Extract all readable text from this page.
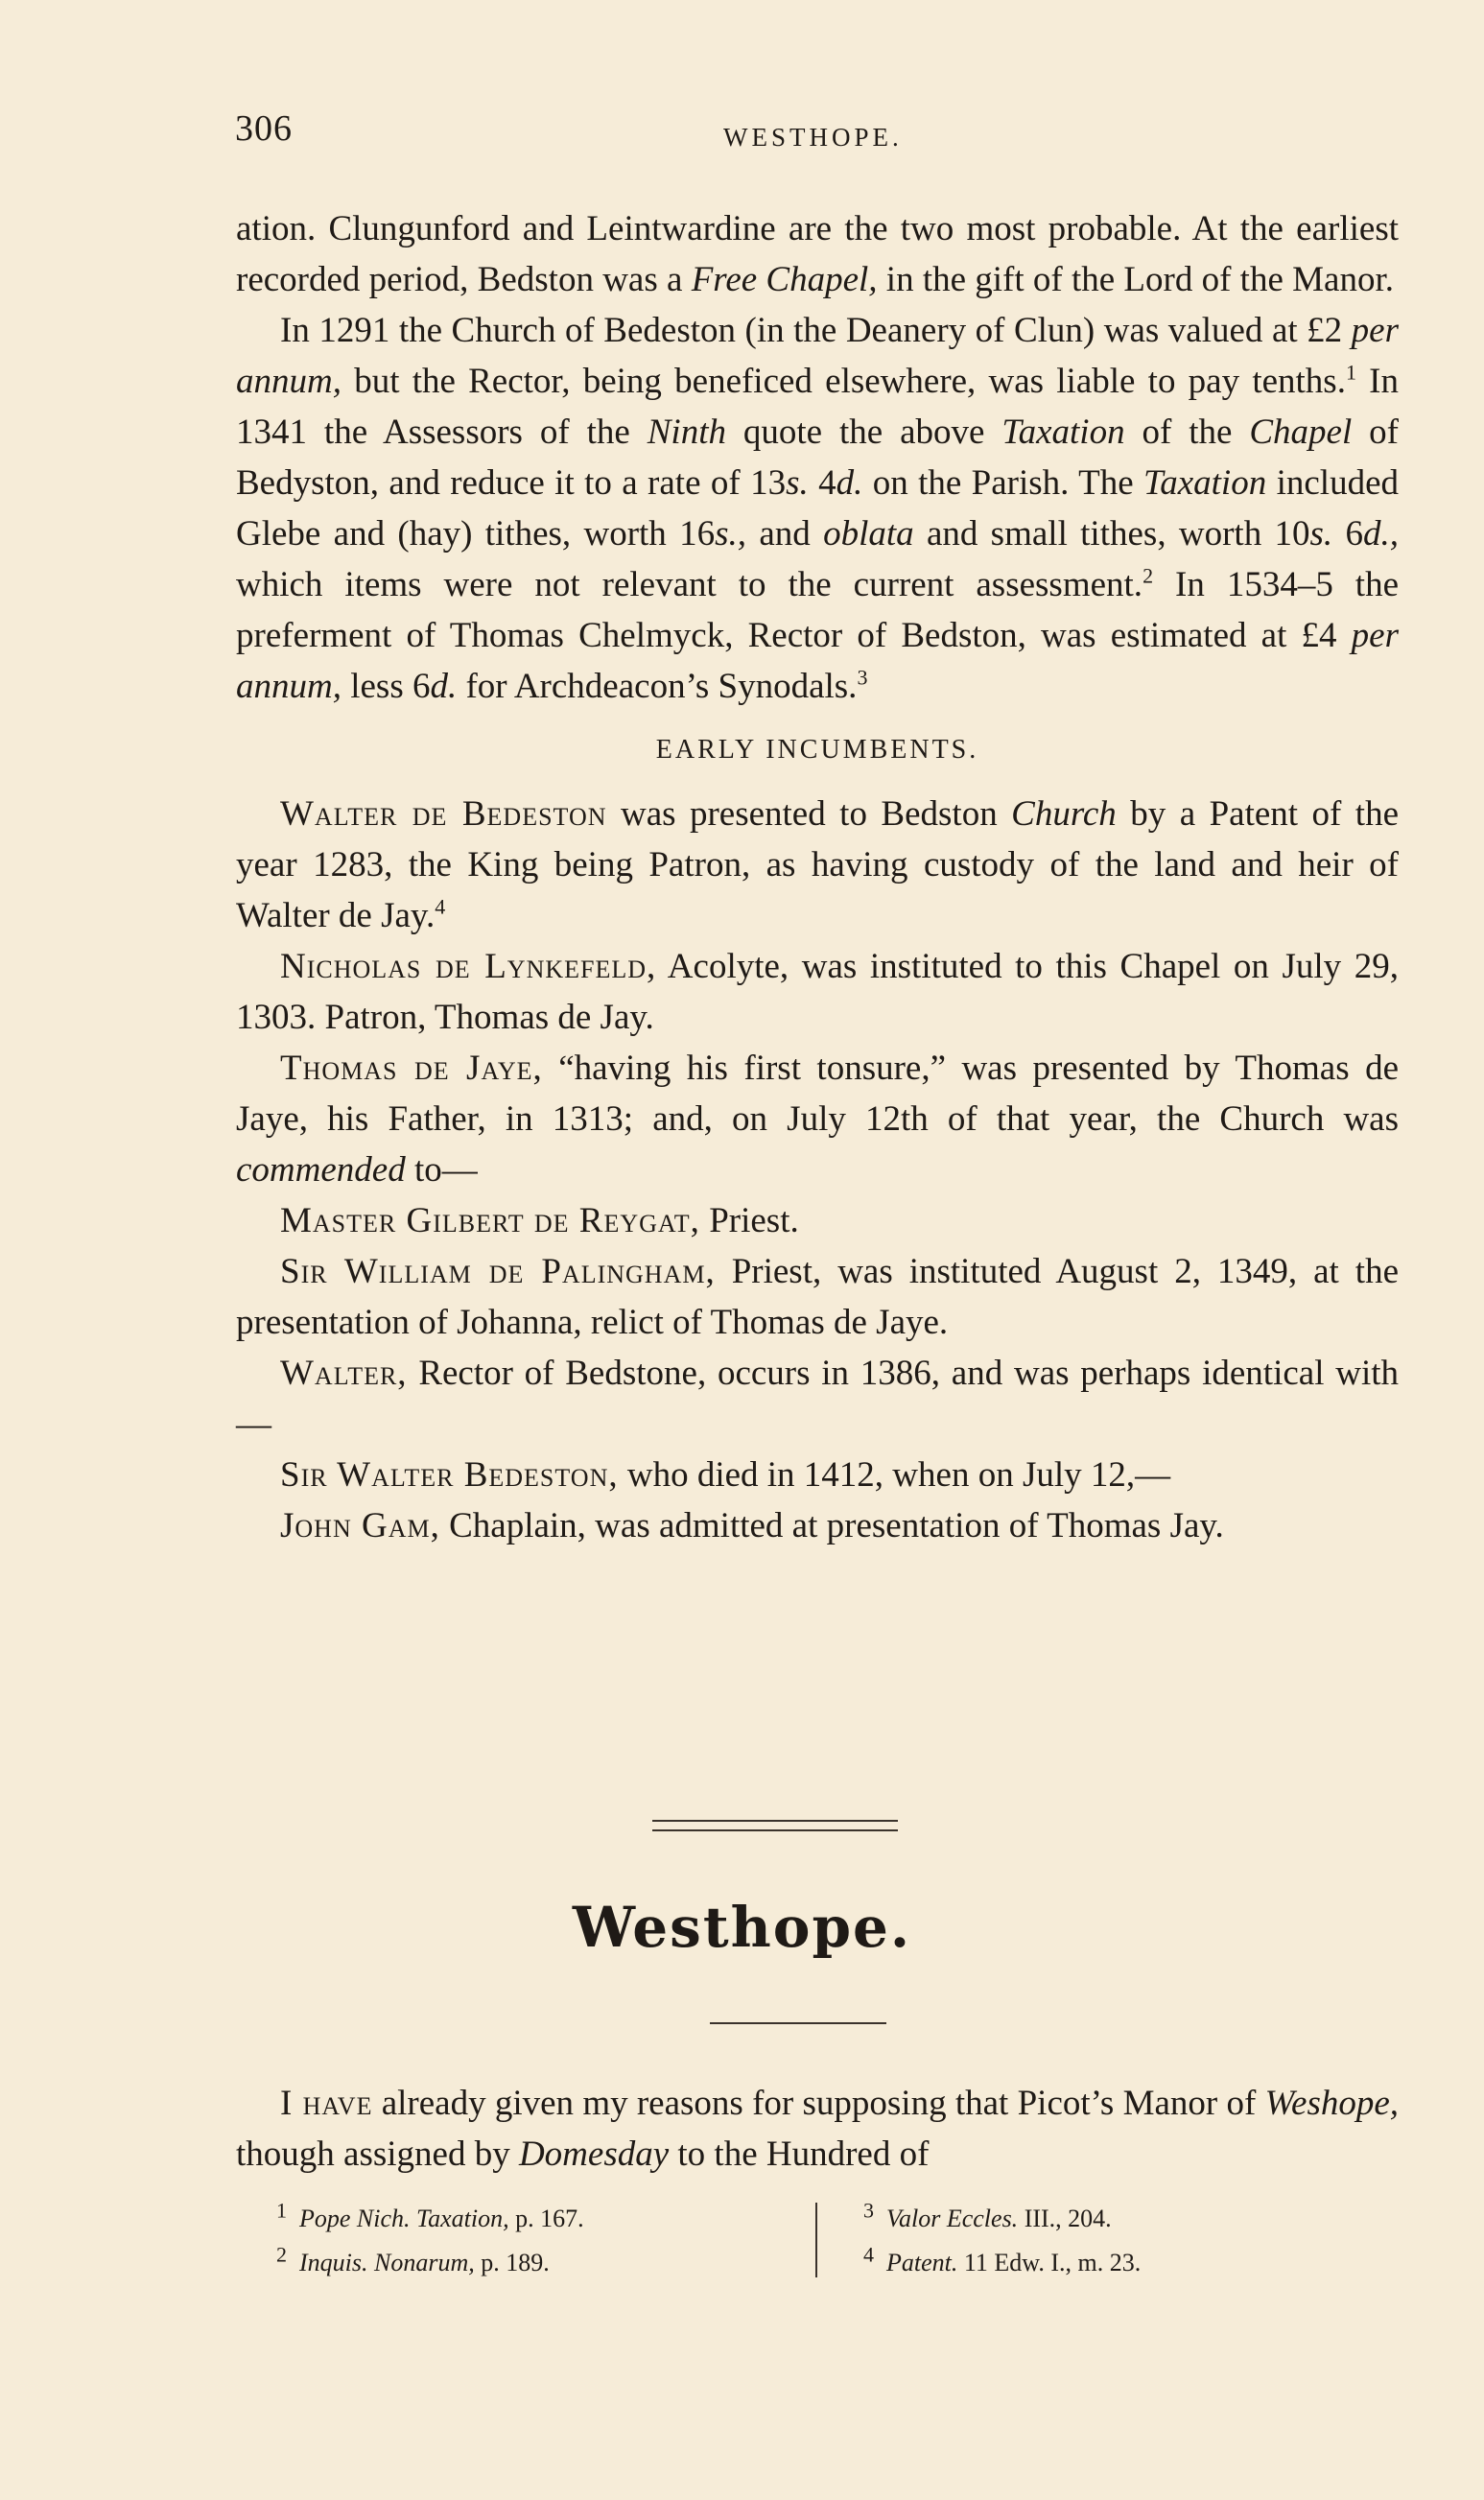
306	WESTHOPE.

ation. Clungunford and Leintwardine are the two most probable. At the earliest recorded period, Bedston was a Free Chapel, in the gift of the Lord of the Manor.

In 1291 the Church of Bedeston (in the Deanery of Clun) was valued at £2 per annum, but the Rector, being beneficed elsewhere, was liable to pay tenths.$^1$ In 1341 the Assessors of the Ninth quote the above Taxation of the Chapel of Bedyston, and reduce it to a rate of 13s. 4d. on the Parish. The Taxation included Glebe and (hay) tithes, worth 16s., and oblata and small tithes, worth 10s. 6d., which items were not relevant to the current assessment.$^2$ In 1534–5 the preferment of Thomas Chelmyck, Rector of Bedston, was estimated at £4 per annum, less 6d. for Archdeacon’s Synodals.$^3$

EARLY INCUMBENTS.

Walter de Bedeston was presented to Bedston Church by a Patent of the year 1283, the King being Patron, as having custody of the land and heir of Walter de Jay.$^4$

Nicholas de Lynkefeld, Acolyte, was instituted to this Chapel on July 29, 1303. Patron, Thomas de Jay.

Thomas de Jaye, “having his first tonsure,” was presented by Thomas de Jaye, his Father, in 1313; and, on July 12th of that year, the Church was commended to—

Master Gilbert de Reygat, Priest.

Sir William de Palingham, Priest, was instituted August 2, 1349, at the presentation of Johanna, relict of Thomas de Jaye.

Walter, Rector of Bedstone, occurs in 1386, and was perhaps identical with—

Sir Walter Bedeston, who died in 1412, when on July 12,—

John Gam, Chaplain, was admitted at presentation of Thomas Jay.

Westhope.

I have already given my reasons for supposing that Picot’s Manor of Weshope, though assigned by Domesday to the Hundred of

$^1$ Pope Nich. Taxation, p. 167.
$^2$ Inquis. Nonarum, p. 189.
$^3$ Valor Eccles. III., 204.
$^4$ Patent. 11 Edw. I., m. 23.
